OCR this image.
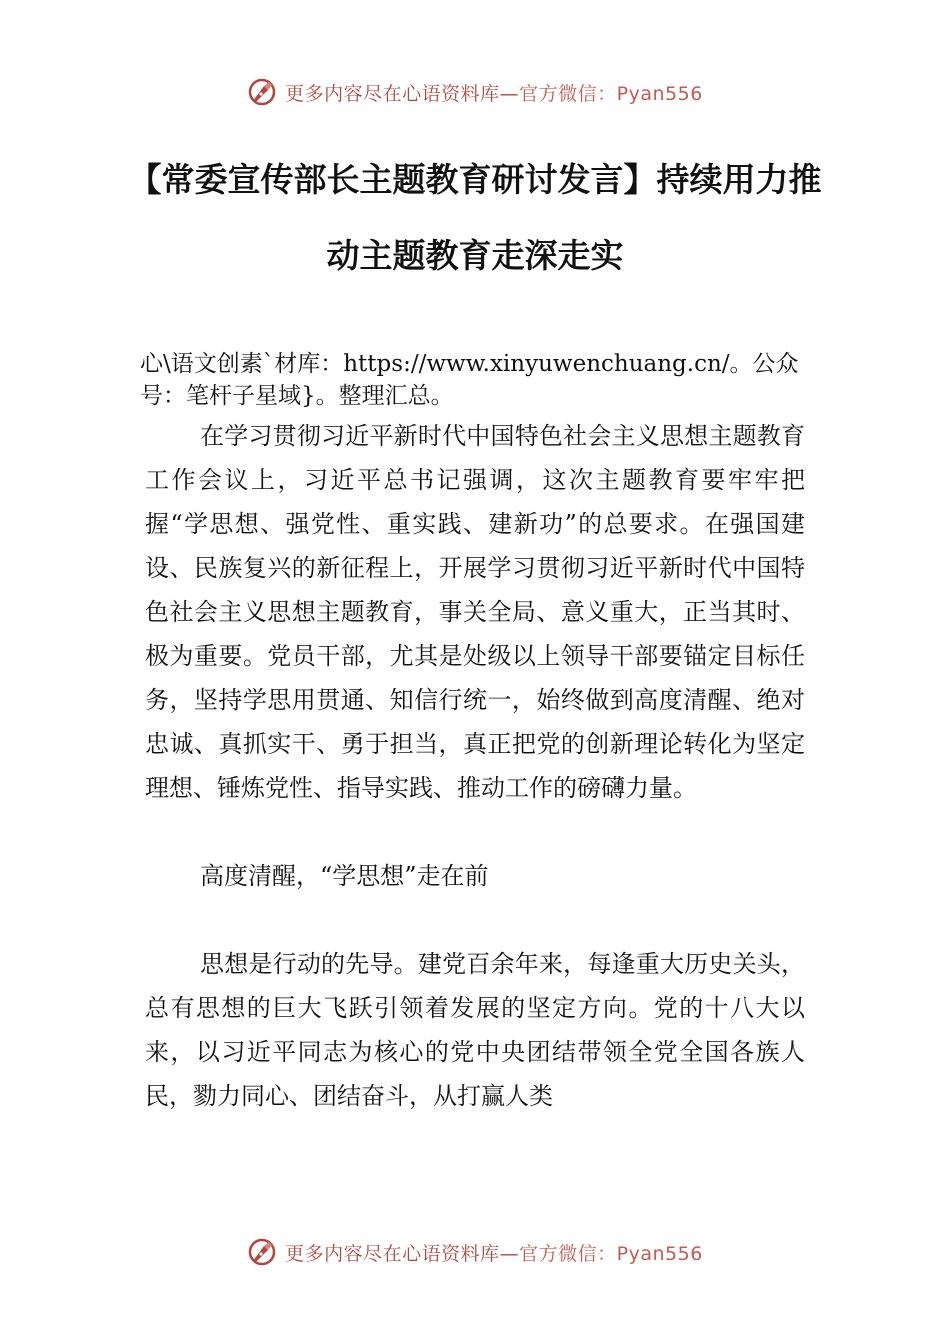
更多内容尽在心语资料库—官方微信：Pyan556
【常委宣传部长主题教育研讨发言】持续用力推动主题教育走深走实

心\语文创素`材库：https://www.xinyuwenchuang.cn/。公众号：笔杆子星域}。整理汇总。

在学习贯彻习近平新时代中国特色社会主义思想主题教育工作会议上，习近平总书记强调，这次主题教育要牢牢把握“学思想、强党性、重实践、建新功”的总要求。在强国建设、民族复兴的新征程上，开展学习贯彻习近平新时代中国特色社会主义思想主题教育，事关全局、意义重大，正当其时、极为重要。党员干部，尤其是处级以上领导干部要锚定目标任务，坚持学思用贯通、知信行统一，始终做到高度清醒、绝对忠诚、真抓实干、勇于担当，真正把党的创新理论转化为坚定理想、锤炼党性、指导实践、推动工作的磅礴力量。

高度清醒，“学思想”走在前

思想是行动的先导。建党百余年来，每逢重大历史关头，总有思想的巨大飞跃引领着发展的坚定方向。党的十八大以来，以习近平同志为核心的党中央团结带领全党全国各族人民，勠力同心、团结奋斗，从打赢人类

更多内容尽在心语资料库—官方微信：Pyan556
